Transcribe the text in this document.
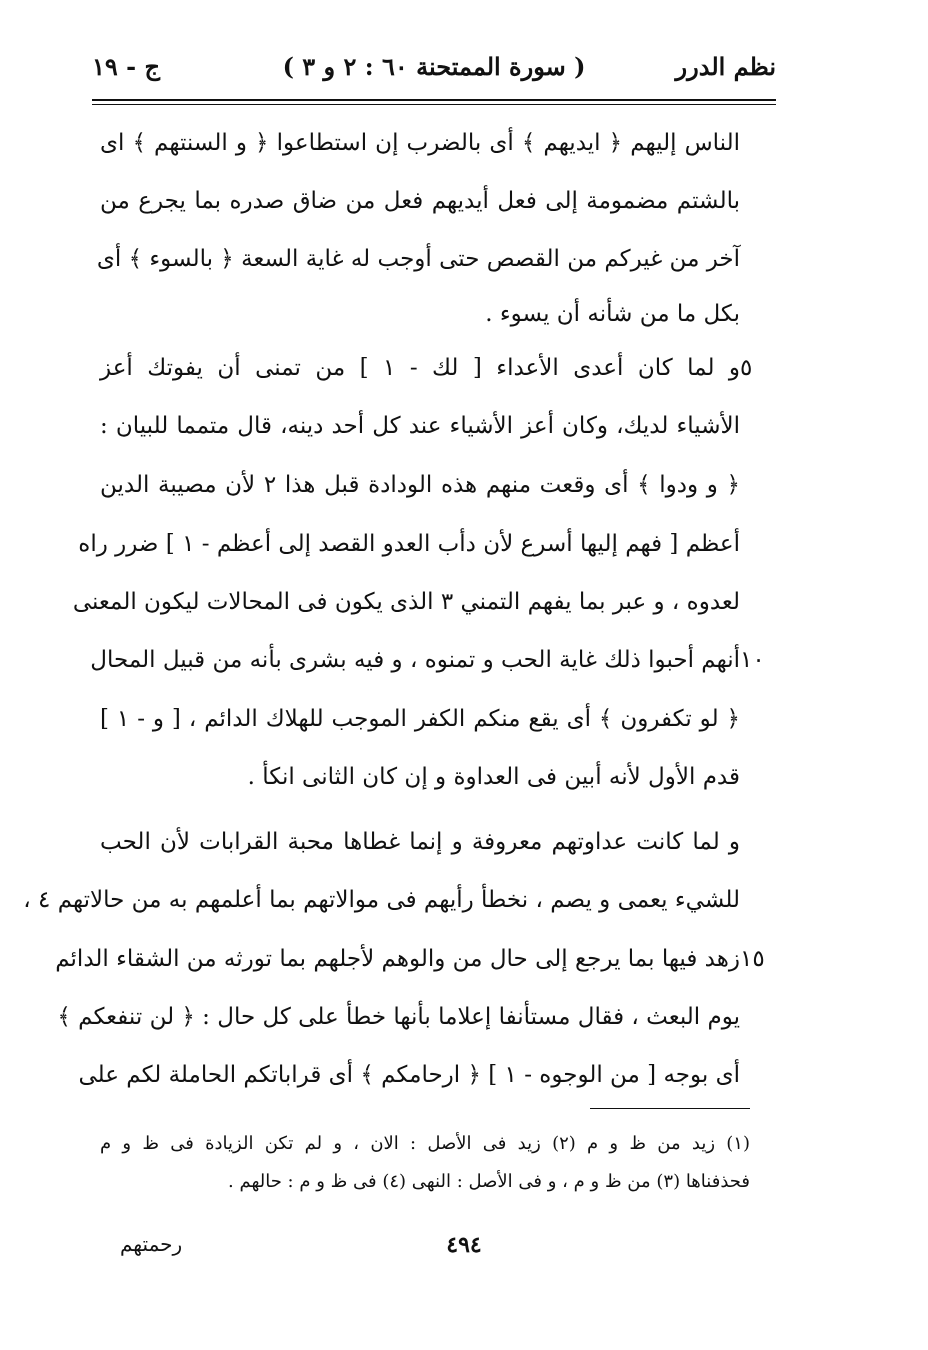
نظم الدرر
( سورة الممتحنة ٦٠ : ٢ و ٣ )
ج - ١٩
الناس إليهم ﴿ ايديهم ﴾ أى بالضرب إن استطاعوا ﴿ و السنتهم ﴾ اى
بالشتم مضمومة إلى فعل أيديهم فعل من ضاق صدره بما يجرع من
آخر من غيركم من القصص حتى أوجب له غاية السعة ﴿ بالسوء ﴾ أى
بكل ما من شأنه أن يسوء .
و لما كان أعدى الأعداء [ لك - ١ ] من تمنى أن يفوتك أعز
الأشياء لديك، وكان أعز الأشياء عند كل أحد دينه، قال متمما للبيان :
﴿ و ودوا ﴾ أى وقعت منهم هذه الودادة قبل هذا ٢ لأن مصيبة الدين
أعظم [ فهم إليها أسرع لأن دأب العدو القصد إلى أعظم - ١ ] ضرر راه
لعدوه ، و عبر بما يفهم التمني ٣ الذى يكون فى المحالات ليكون المعنى
أنهم أحبوا ذلك غاية الحب و تمنوه ، و فيه بشرى بأنه من قبيل المحال
﴿ لو تكفرون ﴾ أى يقع منكم الكفر الموجب للهلاك الدائم ، [ و - ١ ]
قدم الأول لأنه أبين فى العداوة و إن كان الثانى انكأ .
و لما كانت عداوتهم معروفة و إنما غطاها محبة القرابات لأن الحب
للشيء يعمى و يصم ، نخطأ رأيهم فى موالاتهم بما أعلمهم به من حالاتهم ٤ ،
زهد فيها بما يرجع إلى حال من والوهم لأجلهم بما تورثه من الشقاء الدائم
يوم البعث ، فقال مستأنفا إعلاما بأنها خطأ على كل حال : ﴿ لن تنفعكم ﴾
أى بوجه [ من الوجوه - ١ ] ﴿ ارحامكم ﴾ أى قراباتكم الحاملة لكم على
٥
١٠
١٥
(١) زيد من ظ و م (٢) زيد فى الأصل : الان ، و لم تكن الزيادة فى ظ و م
فحذفناها (٣) من ظ و م ، و فى الأصل : النهى (٤) فى ظ و م : حالهم .
٤٩٤
رحمتهم
